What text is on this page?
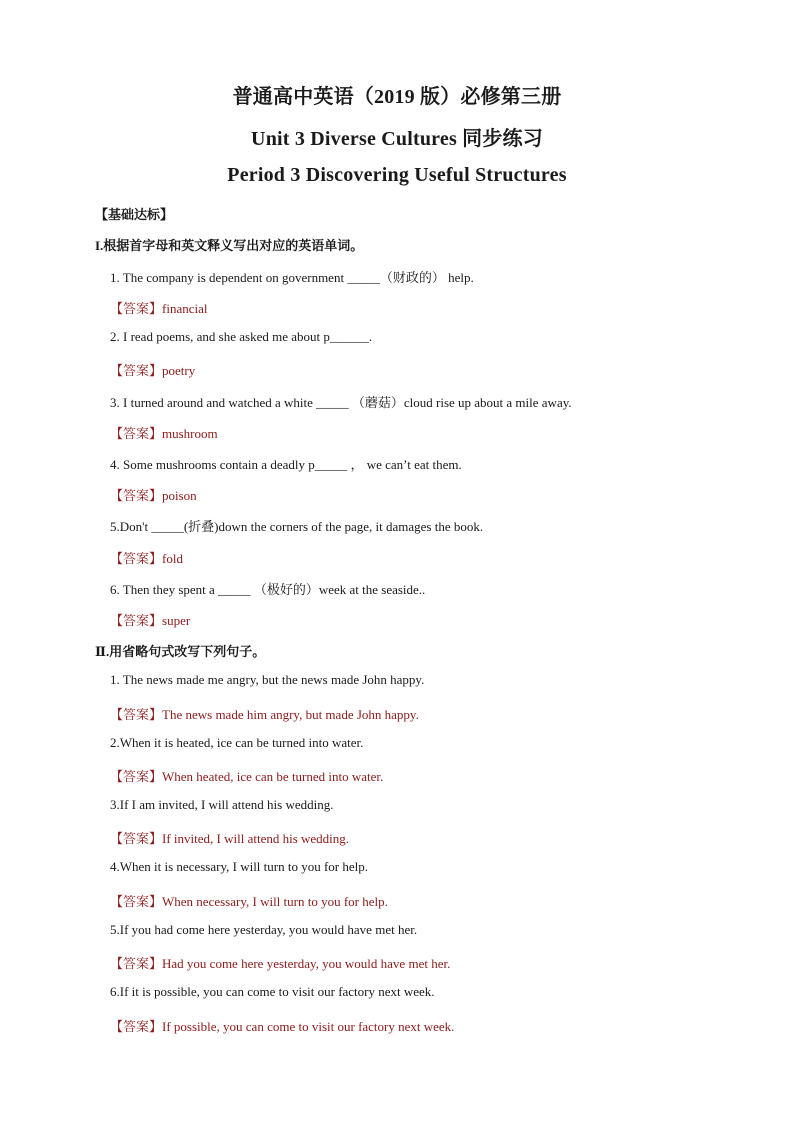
普通高中英语（2019 版）必修第三册
Unit 3 Diverse Cultures 同步练习
Period 3 Discovering Useful Structures
【基础达标】
I.根据首字母和英文释义写出对应的英语单词。
1. The company is dependent on government _____（财政的） help.
【答案】financial
2. I read poems, and she asked me about p______.
【答案】poetry
3. I turned around and watched a white _____ （蘑菇）cloud rise up about a mile away.
【答案】mushroom
4. Some mushrooms contain a deadly p_____ ， we can’t eat them.
【答案】poison
5.Don't _____(折叠)down the corners of the page, it damages the book.
【答案】fold
6. Then they spent a _____ （极好的）week at the seaside..
【答案】super
Ⅱ.用省略句式改写下列句子。
1. The news made me angry, but the news made John happy.
【答案】The news made him angry, but made John happy.
2.When it is heated, ice can be turned into water.
【答案】When heated, ice can be turned into water.
3.If I am invited, I will attend his wedding.
【答案】If invited, I will attend his wedding.
4.When it is necessary, I will turn to you for help.
【答案】When necessary, I will turn to you for help.
5.If you had come here yesterday, you would have met her.
【答案】Had you come here yesterday, you would have met her.
6.If it is possible, you can come to visit our factory next week.
【答案】If possible, you can come to visit our factory next week.
